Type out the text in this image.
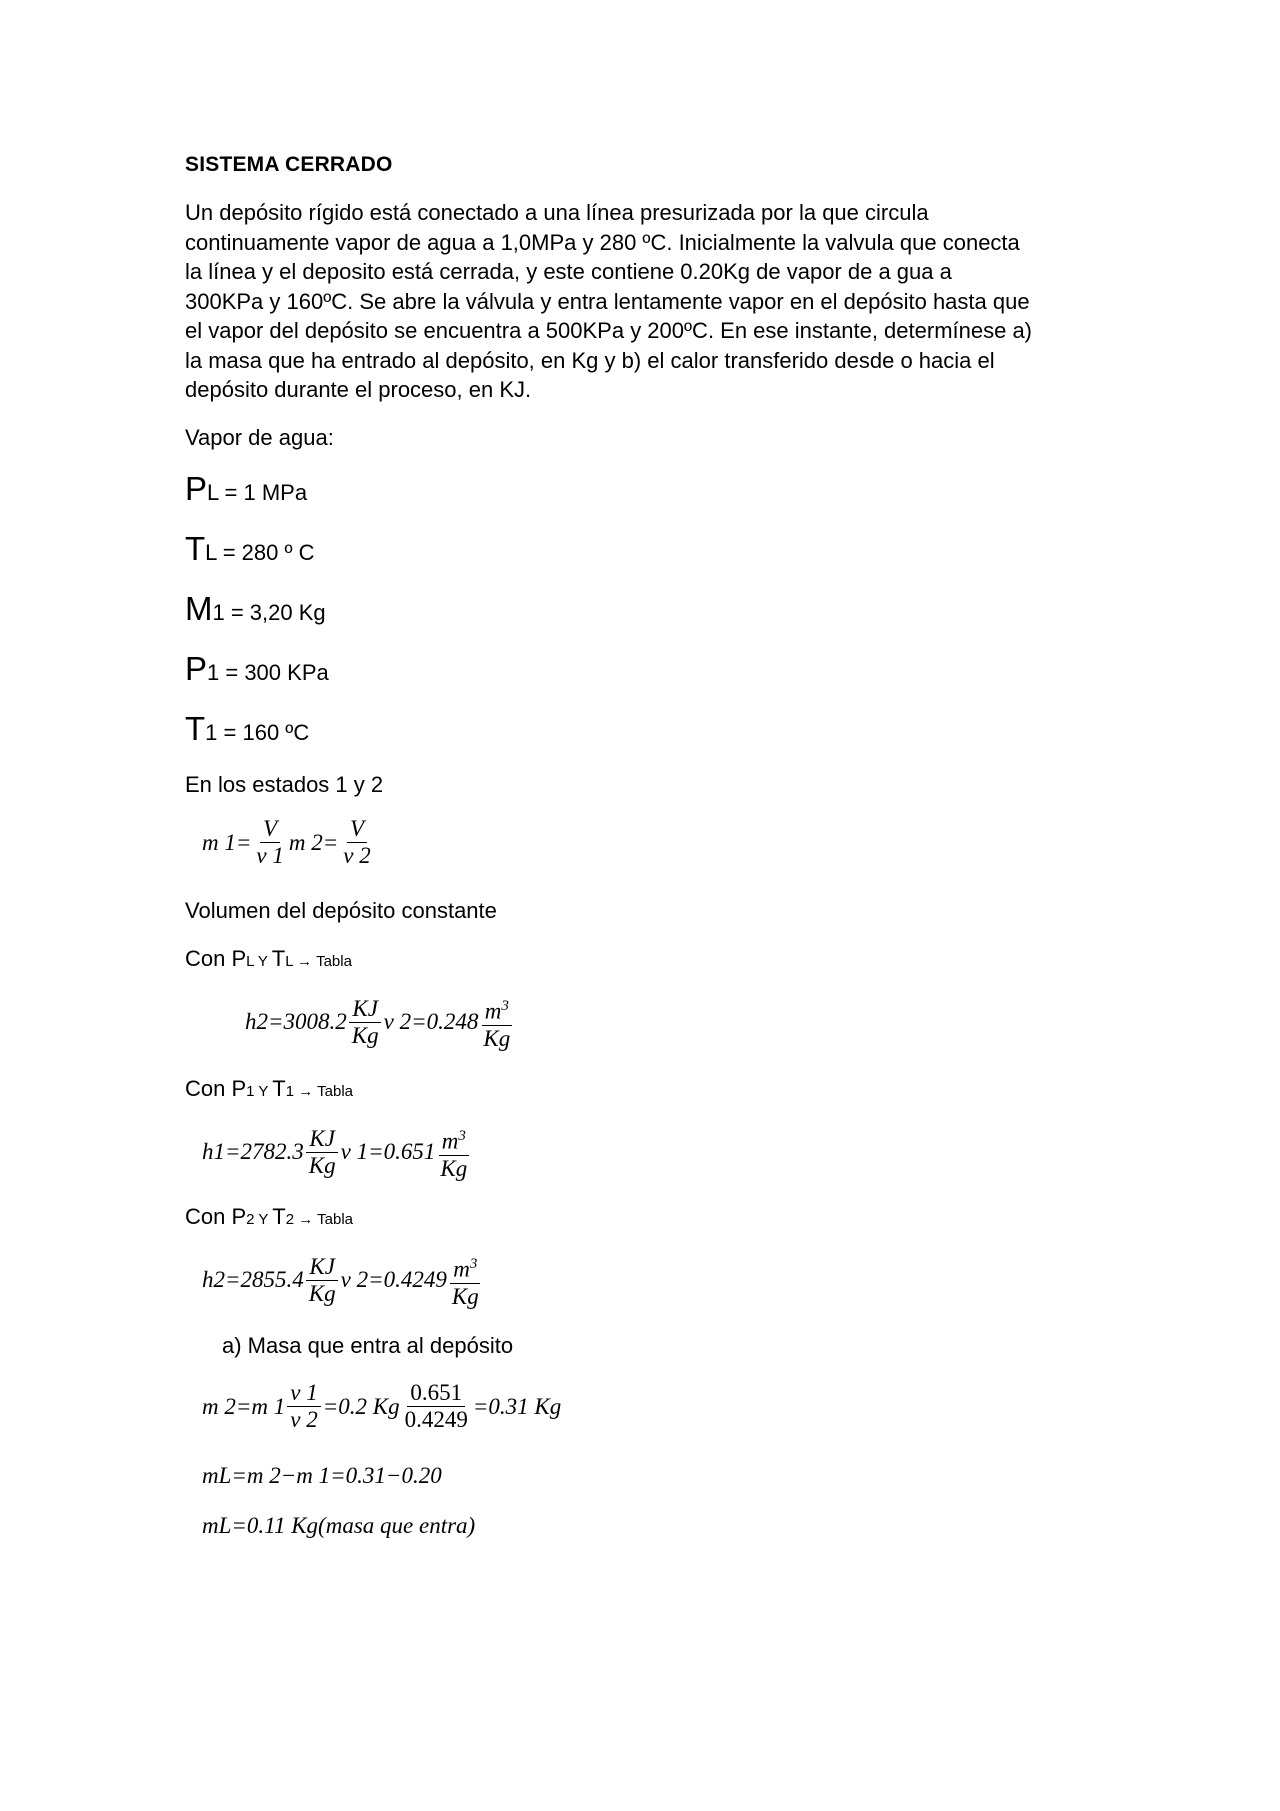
SISTEMA CERRADO
Un depósito rígido está conectado a una línea presurizada por la que circula
continuamente vapor de agua a 1,0MPa y 280 ºC. Inicialmente la valvula que conecta
la línea y el deposito está cerrada, y este contiene 0.20Kg de vapor de a gua a
300KPa y 160ºC. Se abre la válvula y entra lentamente vapor en el depósito hasta que
el vapor del depósito se encuentra a 500KPa y 200ºC. En ese instante, determínese a)
la masa que ha entrado al depósito, en Kg y b) el calor transferido desde o hacia el
depósito durante el proceso, en KJ.
Vapor de agua:
PL = 1 MPa
TL = 280 º C
M1 = 3,20 Kg
P1 = 300 KPa
T1 = 160 ºC
En los estados 1 y 2
m $1= \frac{V}{v 1}$ m $2= \frac{V}{v 2}$
Volumen del depósito constante
Con PL Y TL → Tabla
$h2=3008.2 \frac{KJ}{Kg}$ v $2=0.248 \frac{m^3}{Kg}$
Con P1 Y T1 → Tabla
$h1=2782.3 \frac{KJ}{Kg}$ v $1=0.651 \frac{m^3}{Kg}$
Con P2 Y T2 → Tabla
$h2=2855.4 \frac{KJ}{Kg}$ v $2=0.4249 \frac{m^3}{Kg}$
a) Masa que entra al depósito
m 2=m $1 \frac{v 1}{v 2} =0.2$ Kg $\frac{0.651}{0.4249} =0.31$ Kg
mL=m 2−m 1=0.31−0.20
mL=0.11 Kg(masa que entra)
